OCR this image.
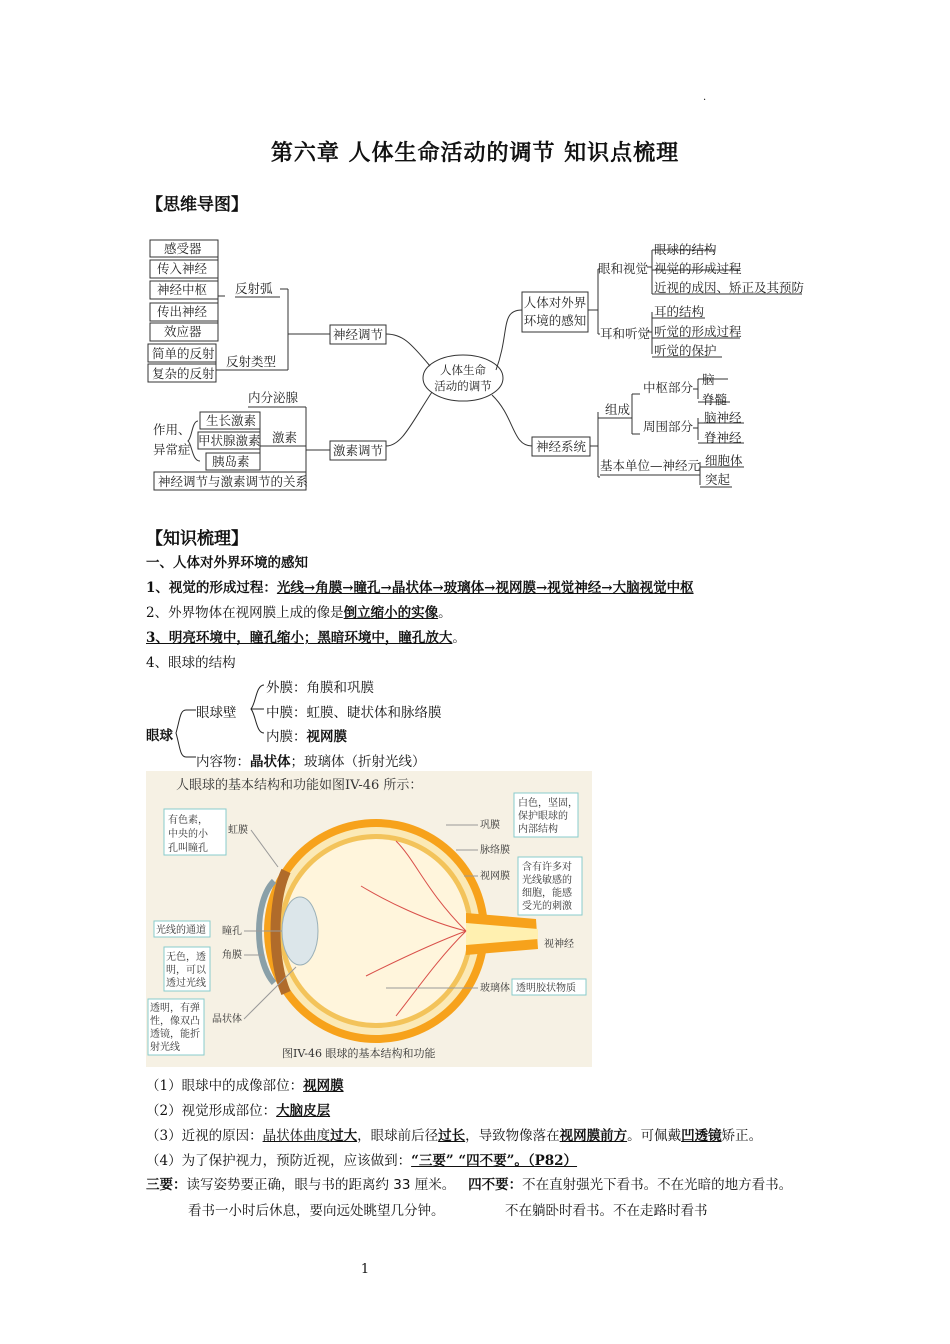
.
第六章 人体生命活动的调节 知识点梳理
【思维导图】
人体生命
活动的调节
神经调节
反射弧
反射类型
感受器
传入神经
神经中枢
传出神经
效应器
简单的反射
复杂的反射
激素调节
内分泌腺
激素
生长激素
甲状腺激素
胰岛素
作用、
异常症
神经调节与激素调节的关系
人体对外界
环境的感知
眼和视觉
耳和听觉
眼球的结构
视觉的形成过程
近视的成因、矫正及其预防
耳的结构
听觉的形成过程
听觉的保护
神经系统
组成
中枢部分
周围部分
脑
脊髓
脑神经
脊神经
基本单位—神经元 细胞体
突起
【知识梳理】
一、人体对外界环境的感知
1、视觉的形成过程：光线→角膜→瞳孔→晶状体→玻璃体→视网膜→视觉神经→大脑视觉中枢
2、外界物体在视网膜上成的像是倒立缩小的实像。
3、明亮环境中，瞳孔缩小；黑暗环境中，瞳孔放大。
4、眼球的结构
眼球
眼球壁
外膜：角膜和巩膜
中膜：虹膜、睫状体和脉络膜
内膜：视网膜
内容物：晶状体；玻璃体（折射光线）
人眼球的基本结构和功能如图IV-46 所示：
有色素，
中央的小
孔叫瞳孔
虹膜
光线的通道 瞳孔
无色，透
明，可以
透过光线
角膜
透明，有弹
性，像双凸
透镜，能折
射光线
晶状体
巩膜
白色，坚固，
保护眼球的
内部结构
脉络膜
视网膜
含有许多对
光线敏感的
细胞，能感
受光的刺激
视神经
玻璃体 透明胶状物质
图IV-46 眼球的基本结构和功能
（1）眼球中的成像部位：视网膜
（2）视觉形成部位：大脑皮层
（3）近视的原因：晶状体曲度过大，眼球前后径过长，导致物像落在视网膜前方。可佩戴凹透镜矫正。
（4）为了保护视力，预防近视，应该做到：“三要” “四不要”。（P82）
三要：读写姿势要正确，眼与书的距离约 33 厘米。 四不要：不在直射强光下看书。不在光暗的地方看书。
看书一小时后休息，要向远处眺望几分钟。	不在躺卧时看书。不在走路时看书
1
